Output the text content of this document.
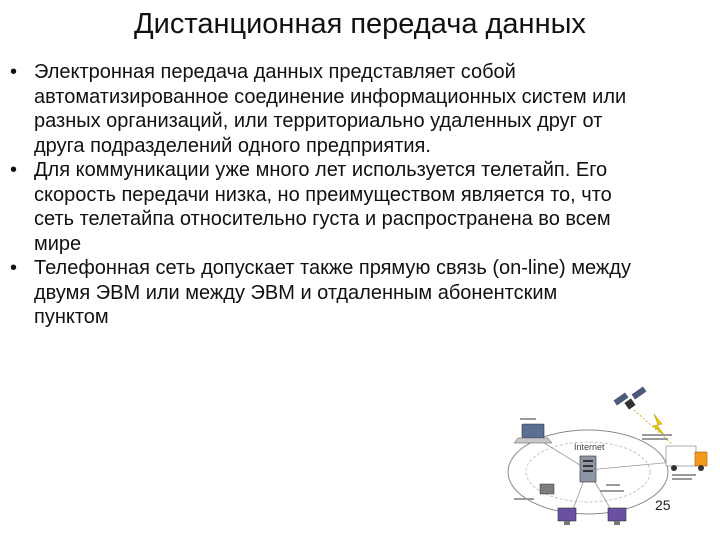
Дистанционная передача данных
• Электронная передача данных представляет собой автоматизированное соединение информационных систем или разных организаций, или территориально удаленных друг от друга подразделений одного предприятия.
• Для коммуникации уже много лет используется телетайп. Его скорость передачи низка, но преимуществом является то, что сеть телетайпа относительно густа и распространена во всем мире
• Телефонная сеть допускает также прямую связь (on-line) между двумя ЭВМ или между ЭВМ и отдаленным абонентским пунктом
Internet
25
